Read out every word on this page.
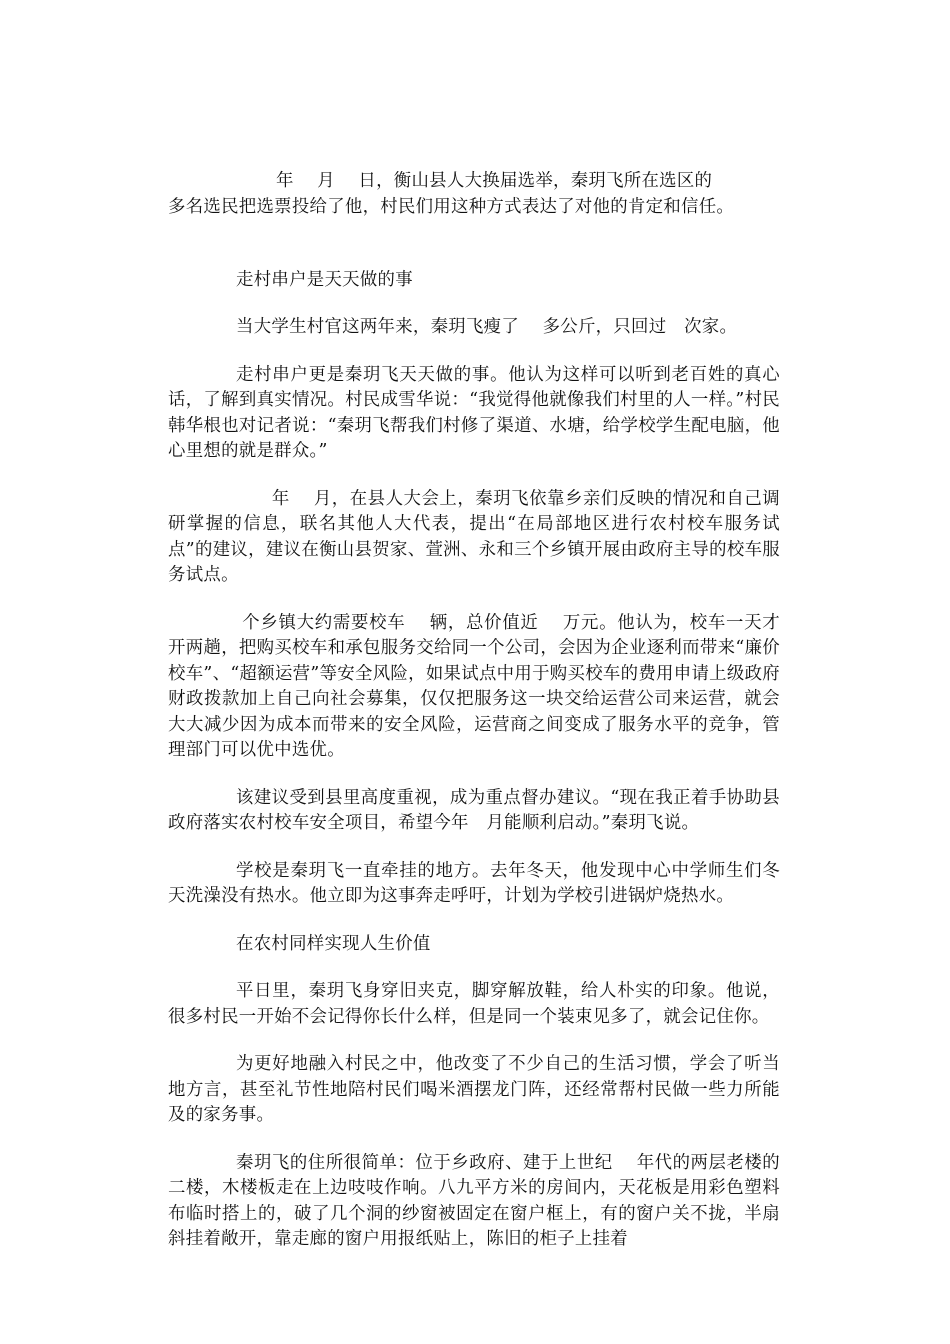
年　 月　 日，衡山县人大换届选举，秦玥飞所在选区的
多名选民把选票投给了他，村民们用这种方式表达了对他的肯定和信任。

走村串户是天天做的事

当大学生村官这两年来，秦玥飞瘦了　 多公斤，只回过　次家。

走村串户更是秦玥飞天天做的事。他认为这样可以听到老百姓的真心话，了解到真实情况。村民成雪华说：“我觉得他就像我们村里的人一样。”村民韩华根也对记者说：“秦玥飞帮我们村修了渠道、水塘，给学校学生配电脑，他心里想的就是群众。”

　　年　 月，在县人大会上，秦玥飞依靠乡亲们反映的情况和自己调研掌握的信息，联名其他人大代表，提出“在局部地区进行农村校车服务试点”的建议，建议在衡山县贺家、萱洲、永和三个乡镇开展由政府主导的校车服务试点。

个乡镇大约需要校车　 辆，总价值近　 万元。他认为，校车一天才开两趟，把购买校车和承包服务交给同一个公司，会因为企业逐利而带来“廉价校车”、“超额运营”等安全风险，如果试点中用于购买校车的费用申请上级政府财政拨款加上自己向社会募集，仅仅把服务这一块交给运营公司来运营，就会大大减少因为成本而带来的安全风险，运营商之间变成了服务水平的竞争，管理部门可以优中选优。

该建议受到县里高度重视，成为重点督办建议。“现在我正着手协助县政府落实农村校车安全项目，希望今年　月能顺利启动。”秦玥飞说。

学校是秦玥飞一直牵挂的地方。去年冬天，他发现中心中学师生们冬天洗澡没有热水。他立即为这事奔走呼吁，计划为学校引进锅炉烧热水。

在农村同样实现人生价值

平日里，秦玥飞身穿旧夹克，脚穿解放鞋，给人朴实的印象。他说，很多村民一开始不会记得你长什么样，但是同一个装束见多了，就会记住你。

为更好地融入村民之中，他改变了不少自己的生活习惯，学会了听当地方言，甚至礼节性地陪村民们喝米酒摆龙门阵，还经常帮村民做一些力所能及的家务事。

秦玥飞的住所很简单：位于乡政府、建于上世纪　 年代的两层老楼的二楼，木楼板走在上边吱吱作响。八九平方米的房间内，天花板是用彩色塑料布临时搭上的，破了几个洞的纱窗被固定在窗户框上，有的窗户关不拢，半扇斜挂着敞开，靠走廊的窗户用报纸贴上，陈旧的柜子上挂着
